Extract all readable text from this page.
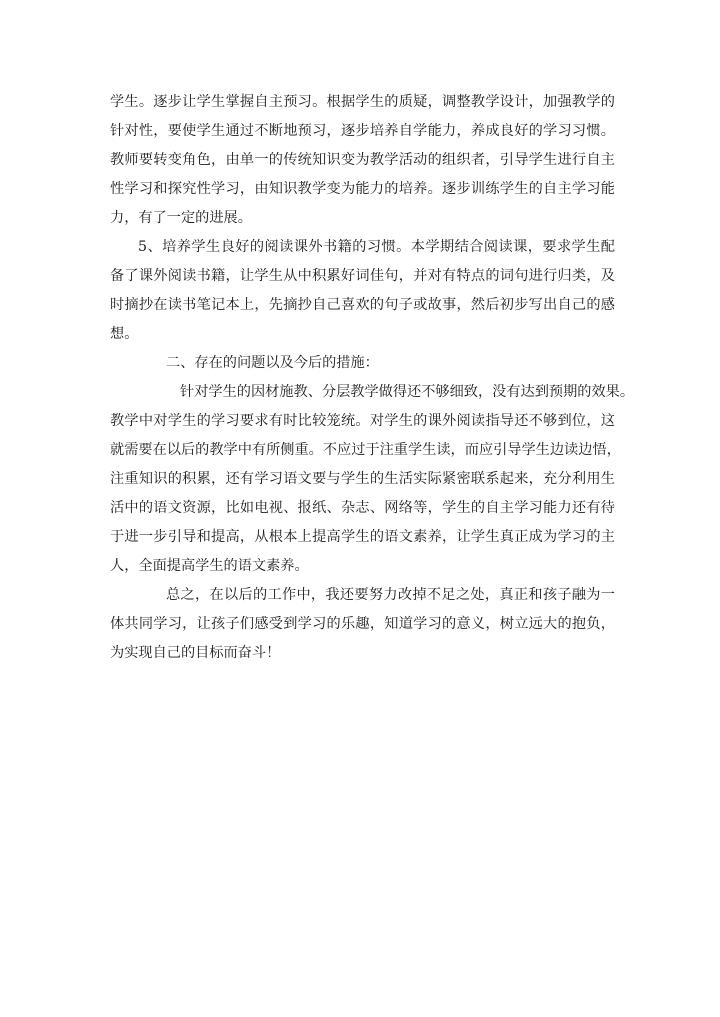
学生。逐步让学生掌握自主预习。根据学生的质疑，调整教学设计，加强教学的
针对性，要使学生通过不断地预习，逐步培养自学能力，养成良好的学习习惯。
教师要转变角色，由单一的传统知识变为教学活动的组织者，引导学生进行自主
性学习和探究性学习，由知识教学变为能力的培养。逐步训练学生的自主学习能
力，有了一定的进展。
5、培养学生良好的阅读课外书籍的习惯。本学期结合阅读课，要求学生配
备了课外阅读书籍，让学生从中积累好词佳句，并对有特点的词句进行归类，及
时摘抄在读书笔记本上，先摘抄自己喜欢的句子或故事，然后初步写出自己的感
想。
二、存在的问题以及今后的措施：
针对学生的因材施教、分层教学做得还不够细致，没有达到预期的效果。
教学中对学生的学习要求有时比较笼统。对学生的课外阅读指导还不够到位，这
就需要在以后的教学中有所侧重。不应过于注重学生读，而应引导学生边读边悟，
注重知识的积累，还有学习语文要与学生的生活实际紧密联系起来，充分利用生
活中的语文资源，比如电视、报纸、杂志、网络等，学生的自主学习能力还有待
于进一步引导和提高，从根本上提高学生的语文素养，让学生真正成为学习的主
人，全面提高学生的语文素养。
总之，在以后的工作中，我还要努力改掉不足之处，真正和孩子融为一
体共同学习，让孩子们感受到学习的乐趣，知道学习的意义，树立远大的抱负，
为实现自己的目标而奋斗！
